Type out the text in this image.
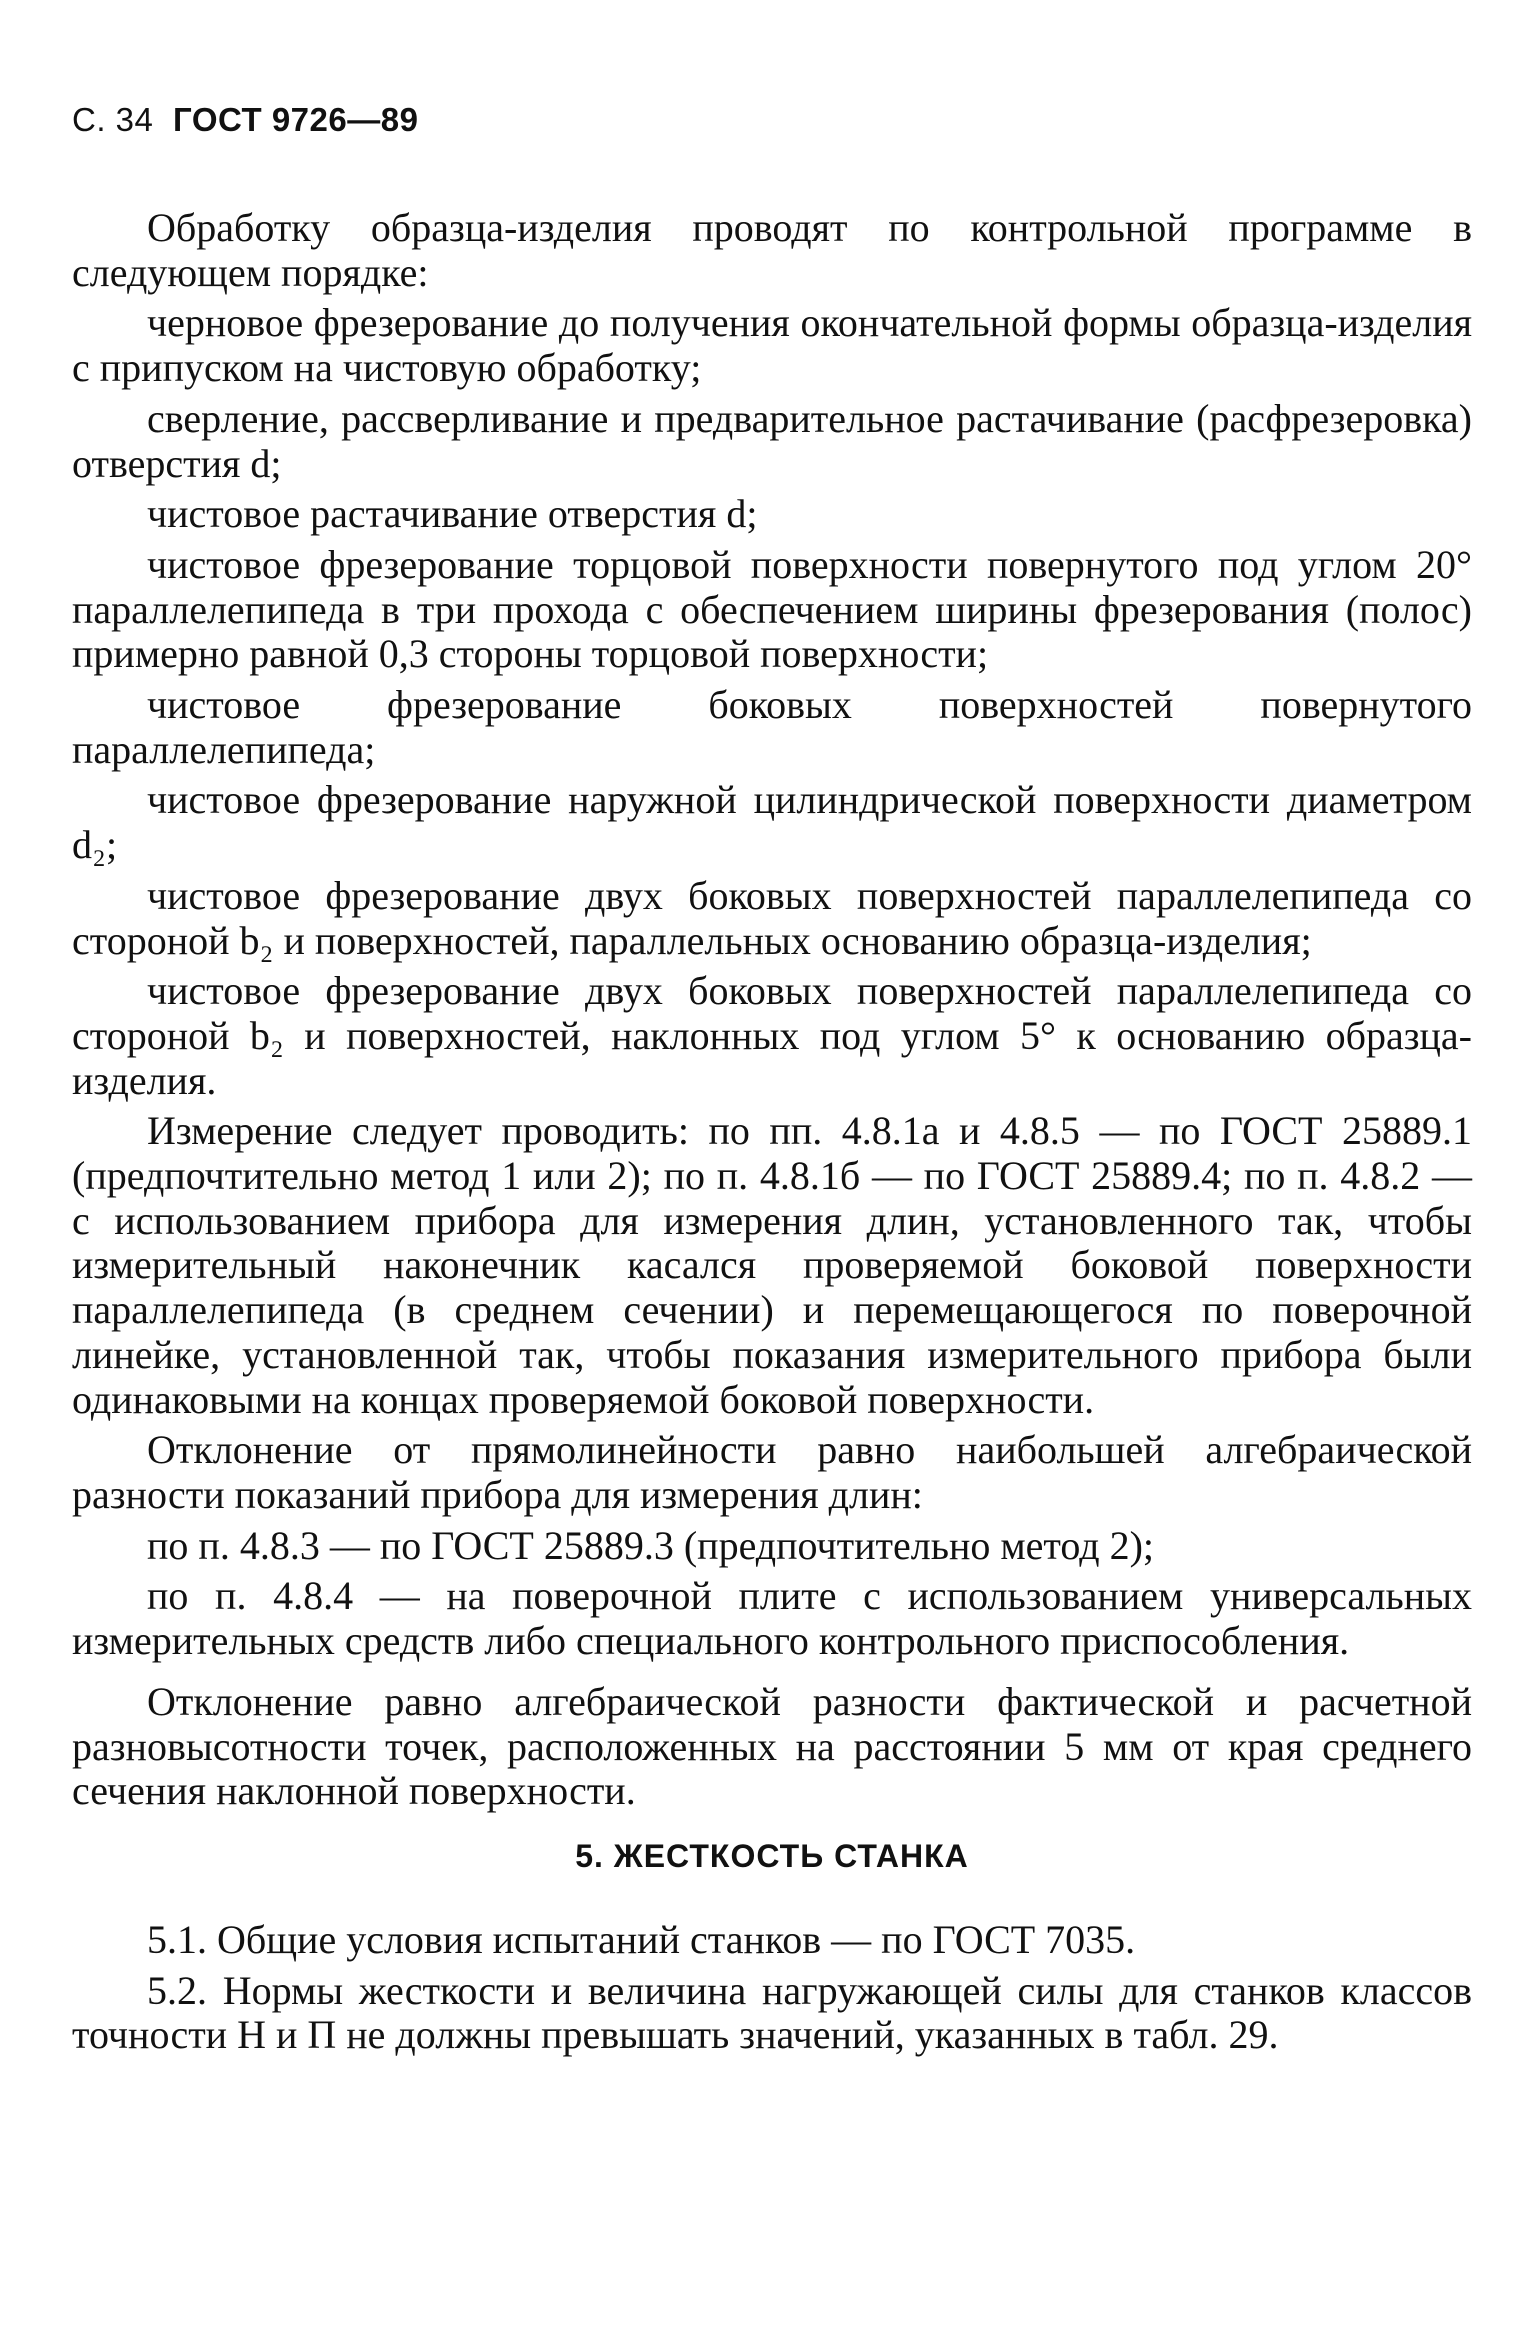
С. 34 ГОСТ 9726—89

Обработку образца-изделия проводят по контрольной программе в следующем порядке:

черновое фрезерование до получения окончательной формы образца-изделия с припуском на чистовую обработку;

сверление, рассверливание и предварительное растачивание (расфрезеровка) отверстия d;

чистовое растачивание отверстия d;

чистовое фрезерование торцовой поверхности повернутого под углом 20° параллелепипеда в три прохода с обеспечением ширины фрезерования (полос) примерно равной 0,3 стороны торцовой поверхности;

чистовое фрезерование боковых поверхностей повернутого параллелепипеда;

чистовое фрезерование наружной цилиндрической поверхности диаметром d₂;

чистовое фрезерование двух боковых поверхностей параллелепипеда со стороной b₂ и поверхностей, параллельных основанию образца-изделия;

чистовое фрезерование двух боковых поверхностей параллелепипеда со стороной b₂ и поверхностей, наклонных под углом 5° к основанию образца-изделия.

Измерение следует проводить: по пп. 4.8.1а и 4.8.5 — по ГОСТ 25889.1 (предпочтительно метод 1 или 2); по п. 4.8.1б — по ГОСТ 25889.4; по п. 4.8.2 — с использованием прибора для измерения длин, установленного так, чтобы измерительный наконечник касался проверяемой боковой поверхности параллелепипеда (в среднем сечении) и перемещающегося по поверочной линейке, установленной так, чтобы показания измерительного прибора были одинаковыми на концах проверяемой боковой поверхности.

Отклонение от прямолинейности равно наибольшей алгебраической разности показаний прибора для измерения длин:

по п. 4.8.3 — по ГОСТ 25889.3 (предпочтительно метод 2);

по п. 4.8.4 — на поверочной плите с использованием универсальных измерительных средств либо специального контрольного приспособления.

Отклонение равно алгебраической разности фактической и расчетной разновысотности точек, расположенных на расстоянии 5 мм от края среднего сечения наклонной поверхности.

5. ЖЕСТКОСТЬ СТАНКА

5.1. Общие условия испытаний станков — по ГОСТ 7035.

5.2. Нормы жесткости и величина нагружающей силы для станков классов точности Н и П не должны превышать значений, указанных в табл. 29.
